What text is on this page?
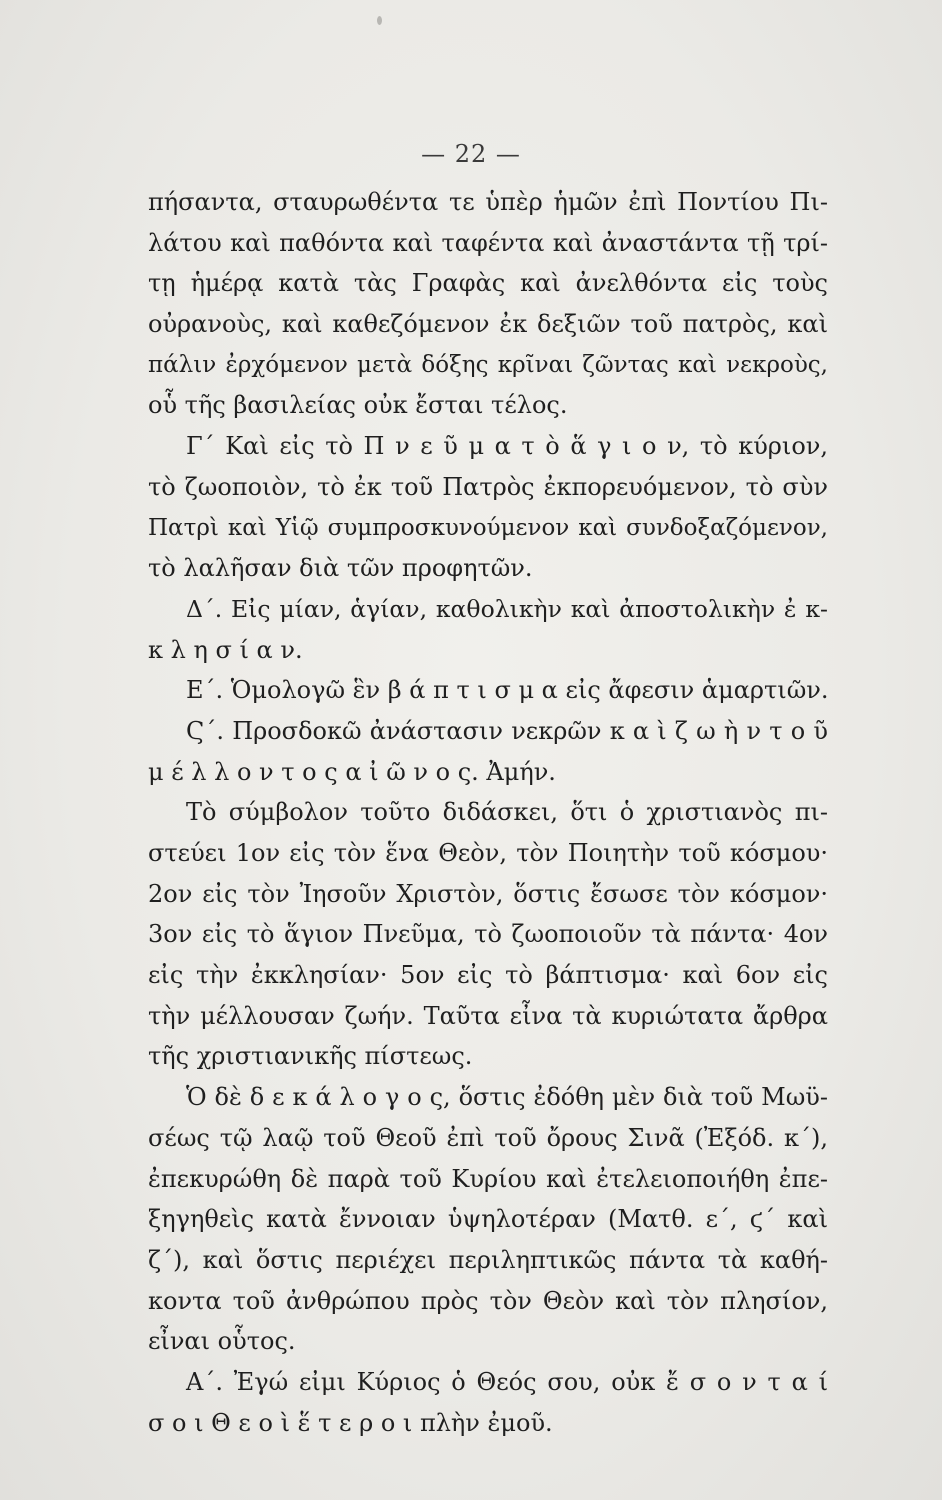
— 22 —
πήσαντα, σταυρωθέντα τε ὑπὲρ ἡμῶν ἐπὶ Ποντίου Πι-
λάτου καὶ παθόντα καὶ ταφέντα καὶ ἀναστάντα τῇ τρί-
τῃ ἡμέρᾳ κατὰ τὰς Γραφὰς καὶ ἀνελθόντα εἰς τοὺς
οὐρανοὺς, καὶ καθεζόμενον ἐκ δεξιῶν τοῦ πατρὸς, καὶ
πάλιν ἐρχόμενον μετὰ δόξης κρῖναι ζῶντας καὶ νεκροὺς,
οὗ τῆς βασιλείας οὐκ ἔσται τέλος.
Γ΄ Καὶ εἰς τὸ Π ν ε ῦ μ α τ ὸ ἅ γ ι ο ν, τὸ κύριον,
τὸ ζωοποιὸν, τὸ ἐκ τοῦ Πατρὸς ἐκπορευόμενον, τὸ σὺν
Πατρὶ καὶ Υἱῷ συμπροσκυνούμενον καὶ συνδοξαζόμενον,
τὸ λαλῆσαν διὰ τῶν προφητῶν.
Δ΄. Εἰς μίαν, ἁγίαν, καθολικὴν καὶ ἀποστολικὴν ἐ κ-
κ λ η σ ί α ν.
Ε΄. Ὁμολογῶ ἓν β ά π τ ι σ μ α εἰς ἄφεσιν ἁμαρτιῶν.
Ϛ΄. Προσδοκῶ ἀνάστασιν νεκρῶν κ α ὶ ζ ω ὴ ν τ ο ῦ
μ έ λ λ ο ν τ ο ς α ἰ ῶ ν ο ς. Ἀμήν.
Τὸ σύμβολον τοῦτο διδάσκει, ὅτι ὁ χριστιανὸς πι-
στεύει 1ον εἰς τὸν ἕνα Θεὸν, τὸν Ποιητὴν τοῦ κόσμου·
2ον εἰς τὸν Ἰησοῦν Χριστὸν, ὅστις ἔσωσε τὸν κόσμον·
3ον εἰς τὸ ἅγιον Πνεῦμα, τὸ ζωοποιοῦν τὰ πάντα· 4ον
εἰς τὴν ἐκκλησίαν· 5ον εἰς τὸ βάπτισμα· καὶ 6ον εἰς
τὴν μέλλουσαν ζωήν. Ταῦτα εἶνα τὰ κυριώτατα ἄρθρα
τῆς χριστιανικῆς πίστεως.
Ὁ δὲ δ ε κ ά λ ο γ ο ς, ὅστις ἐδόθη μὲν διὰ τοῦ Μωϋ-
σέως τῷ λαῷ τοῦ Θεοῦ ἐπὶ τοῦ ὄρους Σινᾶ (Ἐξόδ. κ΄),
ἐπεκυρώθη δὲ παρὰ τοῦ Κυρίου καὶ ἐτελειοποιήθη ἐπε-
ξηγηθεὶς κατὰ ἔννοιαν ὑψηλοτέραν (Ματθ. ε΄, ϛ΄ καὶ
ζ΄), καὶ ὅστις περιέχει περιληπτικῶς πάντα τὰ καθή-
κοντα τοῦ ἀνθρώπου πρὸς τὸν Θεὸν καὶ τὸν πλησίον,
εἶναι οὗτος.
Α΄. Ἐγώ εἰμι Κύριος ὁ Θεός σου, οὐκ ἔ σ ο ν τ α ί
σ ο ι Θ ε ο ὶ ἕ τ ε ρ ο ι πλὴν ἐμοῦ.
